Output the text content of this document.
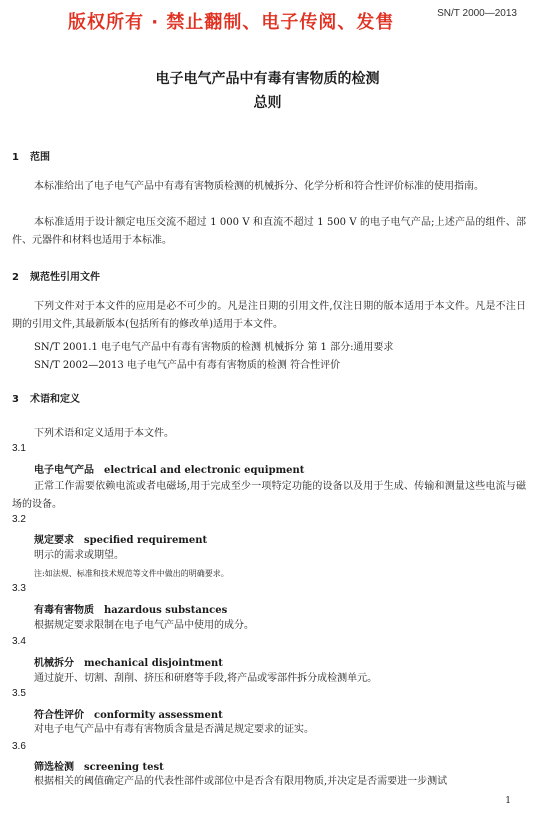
SN/T 2000—2013
版权所有 · 禁止翻制、电子传阅、发售
电子电气产品中有毒有害物质的检测
总则
1 范围
本标准给出了电子电气产品中有毒有害物质检测的机械拆分、化学分析和符合性评价标准的使用指南。
本标准适用于设计额定电压交流不超过 1 000 V 和直流不超过 1 500 V 的电子电气产品;上述产品的组件、部件、元器件和材料也适用于本标准。
2 规范性引用文件
下列文件对于本文件的应用是必不可少的。凡是注日期的引用文件,仅注日期的版本适用于本文件。凡是不注日期的引用文件,其最新版本(包括所有的修改单)适用于本文件。
SN/T 2001.1 电子电气产品中有毒有害物质的检测 机械拆分 第 1 部分:通用要求
SN/T 2002—2013 电子电气产品中有毒有害物质的检测 符合性评价
3 术语和定义
下列术语和定义适用于本文件。
3.1
电子电气产品 electrical and electronic equipment
正常工作需要依赖电流或者电磁场,用于完成至少一项特定功能的设备以及用于生成、传输和测量这些电流与磁场的设备。
3.2
规定要求 specified requirement
明示的需求或期望。
注:如法规、标准和技术规范等文件中做出的明确要求。
3.3
有毒有害物质 hazardous substances
根据规定要求限制在电子电气产品中使用的成分。
3.4
机械拆分 mechanical disjointment
通过旋开、切割、刮削、挤压和研磨等手段,将产品或零部件拆分成检测单元。
3.5
符合性评价 conformity assessment
对电子电气产品中有毒有害物质含量是否满足规定要求的证实。
3.6
筛选检测 screening test
根据相关的阈值确定产品的代表性部件或部位中是否含有限用物质,并决定是否需要进一步测试
1
